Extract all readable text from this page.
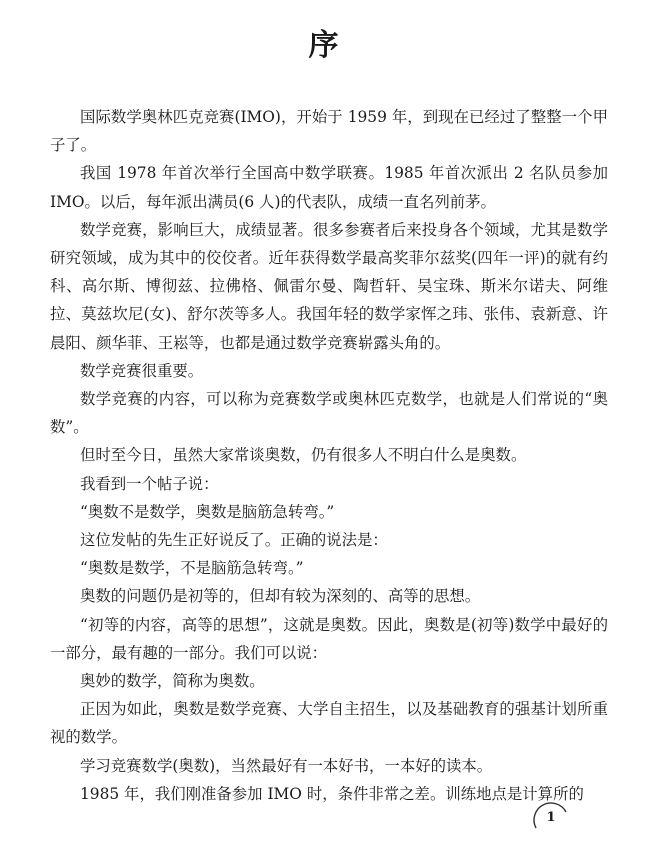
序

国际数学奥林匹克竞赛(IMO)，开始于 1959 年，到现在已经过了整整一个甲子了。

我国 1978 年首次举行全国高中数学联赛。1985 年首次派出 2 名队员参加 IMO。以后，每年派出满员(6 人)的代表队，成绩一直名列前茅。

数学竞赛，影响巨大，成绩显著。很多参赛者后来投身各个领域，尤其是数学研究领域，成为其中的佼佼者。近年获得数学最高奖菲尔兹奖(四年一评)的就有约科、高尔斯、博彻兹、拉佛格、佩雷尔曼、陶哲轩、吴宝珠、斯米尔诺夫、阿维拉、莫兹坎尼(女)、舒尔茨等多人。我国年轻的数学家恽之玮、张伟、袁新意、许晨阳、颜华菲、王崧等，也都是通过数学竞赛崭露头角的。

数学竞赛很重要。

数学竞赛的内容，可以称为竞赛数学或奥林匹克数学，也就是人们常说的“奥数”。

但时至今日，虽然大家常谈奥数，仍有很多人不明白什么是奥数。

我看到一个帖子说：

“奥数不是数学，奥数是脑筋急转弯。”

这位发帖的先生正好说反了。正确的说法是：

“奥数是数学，不是脑筋急转弯。”

奥数的问题仍是初等的，但却有较为深刻的、高等的思想。

“初等的内容，高等的思想”，这就是奥数。因此，奥数是(初等)数学中最好的一部分，最有趣的一部分。我们可以说：

奥妙的数学，简称为奥数。

正因为如此，奥数是数学竞赛、大学自主招生，以及基础教育的强基计划所重视的数学。

学习竞赛数学(奥数)，当然最好有一本好书，一本好的读本。

1985 年，我们刚准备参加 IMO 时，条件非常之差。训练地点是计算所的

1
